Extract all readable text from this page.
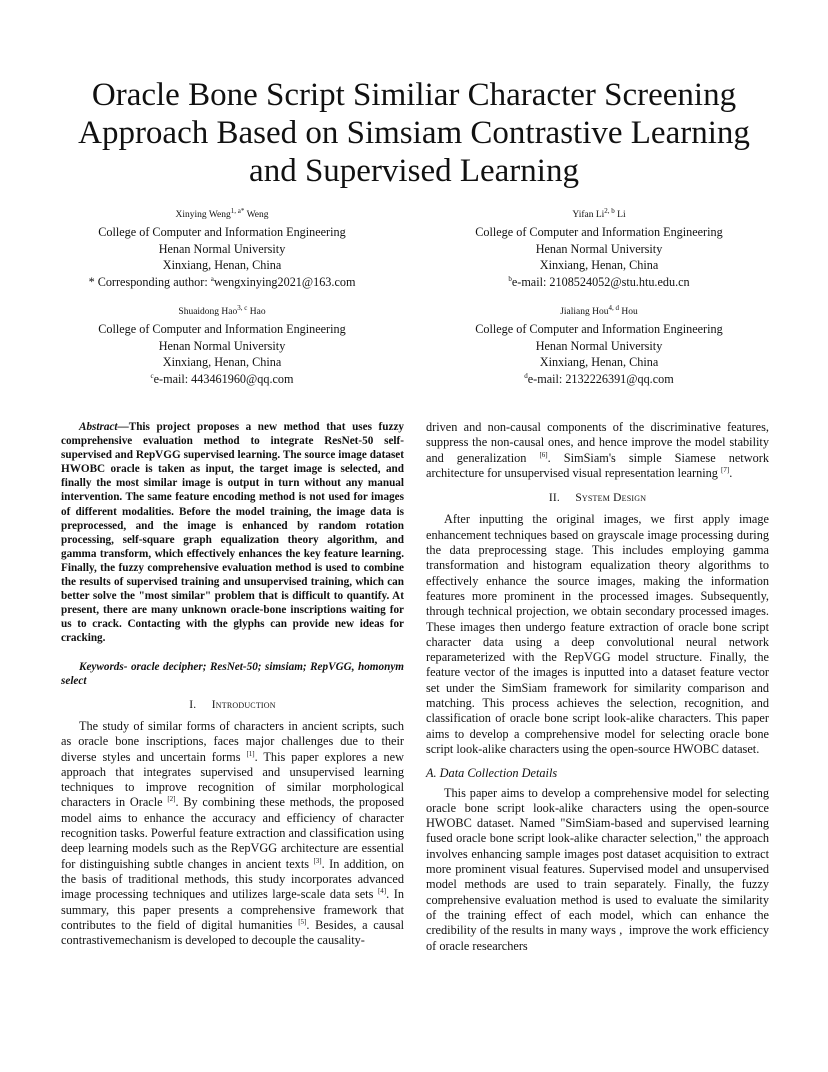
Oracle Bone Script Similiar Character Screening
Approach Based on Simsiam Contrastive Learning
and Supervised Learning
Xinying Weng$^{1, a*}$ Weng
College of Computer and Information Engineering
Henan Normal University
Xinxiang, Henan, China
* Corresponding author: $^a$wengxinying2021@163.com
Yifan Li$^{2, b}$ Li
College of Computer and Information Engineering
Henan Normal University
Xinxiang, Henan, China
$^b$e-mail: 2108524052@stu.htu.edu.cn
Shuaidong Hao$^{3, c}$ Hao
College of Computer and Information Engineering
Henan Normal University
Xinxiang, Henan, China
$^c$e-mail: 443461960@qq.com
Jialiang Hou$^{4, d}$ Hou
College of Computer and Information Engineering
Henan Normal University
Xinxiang, Henan, China
$^d$e-mail: 2132226391@qq.com

Abstract—This project proposes a new method that uses fuzzy comprehensive evaluation method to integrate ResNet-50 self-supervised and RepVGG supervised learning. The source image dataset HWOBC oracle is taken as input, the target image is selected, and finally the most similar image is output in turn without any manual intervention. The same feature encoding method is not used for images of different modalities. Before the model training, the image data is preprocessed, and the image is enhanced by random rotation processing, self-square graph equalization theory algorithm, and gamma transform, which effectively enhances the key feature learning. Finally, the fuzzy comprehensive evaluation method is used to combine the results of supervised training and unsupervised training, which can better solve the "most similar" problem that is difficult to quantify. At present, there are many unknown oracle-bone inscriptions waiting for us to crack. Contacting with the glyphs can provide new ideas for cracking.

Keywords- oracle decipher; ResNet-50; simsiam; RepVGG, homonym select

I. Introduction

The study of similar forms of characters in ancient scripts, such as oracle bone inscriptions, faces major challenges due to their diverse styles and uncertain forms [1]. This paper explores a new approach that integrates supervised and unsupervised learning techniques to improve recognition of similar morphological characters in Oracle [2]. By combining these methods, the proposed model aims to enhance the accuracy and efficiency of character recognition tasks. Powerful feature extraction and classification using deep learning models such as the RepVGG architecture are essential for distinguishing subtle changes in ancient texts [3]. In addition, on the basis of traditional methods, this study incorporates advanced image processing techniques and utilizes large-scale data sets [4]. In summary, this paper presents a comprehensive framework that contributes to the field of digital humanities [5]. Besides, a causal contrastivemechanism is developed to decouple the causality-

driven and non-causal components of the discriminative features, suppress the non-causal ones, and hence improve the model stability and generalization [6]. SimSiam's simple Siamese network architecture for unsupervised visual representation learning [7].

II. System Design

After inputting the original images, we first apply image enhancement techniques based on grayscale image processing during the data preprocessing stage. This includes employing gamma transformation and histogram equalization theory algorithms to effectively enhance the source images, making the information features more prominent in the processed images. Subsequently, through technical projection, we obtain secondary processed images. These images then undergo feature extraction of oracle bone script character data using a deep convolutional neural network reparameterized with the RepVGG model structure. Finally, the feature vector of the images is inputted into a dataset feature vector set under the SimSiam framework for similarity comparison and matching. This process achieves the selection, recognition, and classification of oracle bone script look-alike characters. This paper aims to develop a comprehensive model for selecting oracle bone script look-alike characters using the open-source HWOBC dataset.

A. Data Collection Details

This paper aims to develop a comprehensive model for selecting oracle bone script look-alike characters using the open-source HWOBC dataset. Named "SimSiam-based and supervised learning fused oracle bone script look-alike character selection," the approach involves enhancing sample images post dataset acquisition to extract more prominent visual features. Supervised model and unsupervised model methods are used to train separately. Finally, the fuzzy comprehensive evaluation method is used to evaluate the similarity of the training effect of each model, which can enhance the credibility of the results in many ways ,  improve the work efficiency of oracle researchers
